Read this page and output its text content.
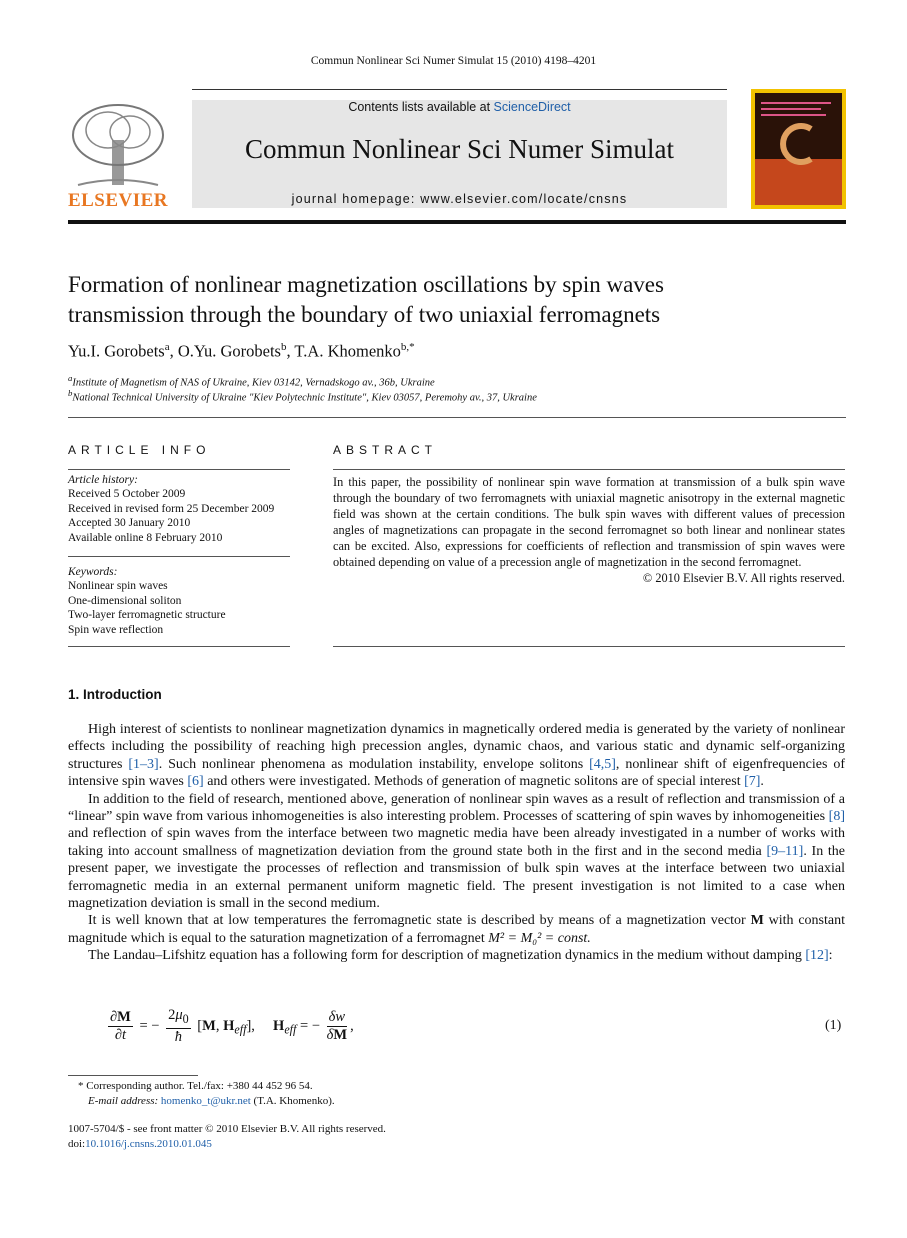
Commun Nonlinear Sci Numer Simulat 15 (2010) 4198–4201
Contents lists available at ScienceDirect
Commun Nonlinear Sci Numer Simulat
journal homepage: www.elsevier.com/locate/cnsns
ELSEVIER
Formation of nonlinear magnetization oscillations by spin waves
transmission through the boundary of two uniaxial ferromagnets
Yu.I. Gorobets$^a$, O.Yu. Gorobets$^b$, T.A. Khomenko$^{b,*}$
$^a$Institute of Magnetism of NAS of Ukraine, Kiev 03142, Vernadskogo av., 36b, Ukraine
$^b$National Technical University of Ukraine "Kiev Polytechnic Institute", Kiev 03057, Peremohy av., 37, Ukraine
ARTICLE INFO
Article history:
Received 5 October 2009
Received in revised form 25 December 2009
Accepted 30 January 2010
Available online 8 February 2010
Keywords:
Nonlinear spin waves
One-dimensional soliton
Two-layer ferromagnetic structure
Spin wave reflection
ABSTRACT
In this paper, the possibility of nonlinear spin wave formation at transmission of a bulk spin wave through the boundary of two ferromagnets with uniaxial magnetic anisotropy in the external magnetic field was shown at the certain conditions. The bulk spin waves with different values of precession angles of magnetizations can propagate in the second ferromagnet so both linear and nonlinear states can be excited. Also, expressions for coefficients of reflection and transmission of spin waves were obtained depending on value of a precession angle of magnetization in the second ferromagnet.
© 2010 Elsevier B.V. All rights reserved.
1. Introduction

High interest of scientists to nonlinear magnetization dynamics in magnetically ordered media is generated by the variety of nonlinear effects including the possibility of reaching high precession angles, dynamic chaos, and various static and dynamic self-organizing structures [1–3]. Such nonlinear phenomena as modulation instability, envelope solitons [4,5], nonlinear shift of eigenfrequencies of intensive spin waves [6] and others were investigated. Methods of generation of magnetic solitons are of special interest [7].

In addition to the field of research, mentioned above, generation of nonlinear spin waves as a result of reflection and transmission of a “linear” spin wave from various inhomogeneities is also interesting problem. Processes of scattering of spin waves by inhomogeneities [8] and reflection of spin waves from the interface between two magnetic media have been already investigated in a number of works with taking into account smallness of magnetization deviation from the ground state both in the first and in the second media [9–11]. In the present paper, we investigate the processes of reflection and transmission of bulk spin waves at the interface between two uniaxial ferromagnetic media in an external permanent uniform magnetic field. The present investigation is not limited to a case when magnetization deviation is small in the second medium.

It is well known that at low temperatures the ferromagnetic state is described by means of a magnetization vector M with constant magnitude which is equal to the saturation magnetization of a ferromagnet M² = M₀² = const.

The Landau–Lifshitz equation has a following form for description of magnetization dynamics in the medium without damping [12]:

$\frac{\partial M}{\partial t}$ = − $\frac{2\mu_0}{ħ} [M$, $H_{eff}$],     $H_{eff}$ = − $\frac{\delta w}{\delta M}$ ,	(1)
* Corresponding author. Tel./fax: +380 44 452 96 54.
E-mail address: homenko_t@ukr.net (T.A. Khomenko).
1007-5704/$ - see front matter © 2010 Elsevier B.V. All rights reserved.
doi:10.1016/j.cnsns.2010.01.045
